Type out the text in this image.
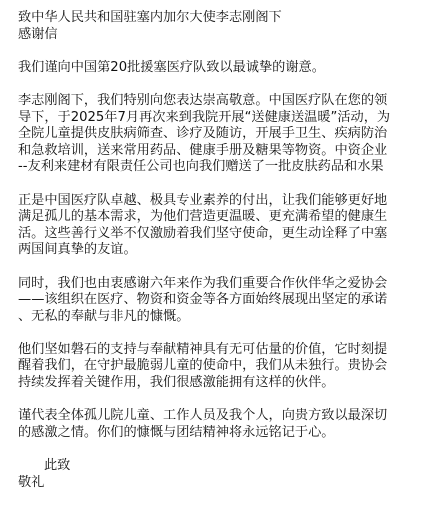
致中华人民共和国驻塞内加尔大使李志刚阁下
感谢信
我们谨向中国第20批援塞医疗队致以最诚挚的谢意。
李志刚阁下，我们特别向您表达崇高敬意。中国医疗队在您的领
导下，于2025年7月再次来到我院开展“送健康送温暖”活动，为
全院儿童提供皮肤病筛查、诊疗及随访，开展手卫生、疾病防治
和急救培训，送来常用药品、健康手册及糖果等物资。中资企业
--友利来建材有限责任公司也向我们赠送了一批皮肤药品和水果
正是中国医疗队卓越、极具专业素养的付出，让我们能够更好地
满足孤儿的基本需求，为他们营造更温暖、更充满希望的健康生
活。这些善行义举不仅激励着我们坚守使命，更生动诠释了中塞
两国间真挚的友谊。
同时，我们也由衷感谢六年来作为我们重要合作伙伴华之爱协会
——该组织在医疗、物资和资金等各方面始终展现出坚定的承诺
、无私的奉献与非凡的慷慨。
他们坚如磐石的支持与奉献精神具有无可估量的价值，它时刻提
醒着我们，在守护最脆弱儿童的使命中，我们从未独行。贵协会
持续发挥着关键作用，我们很感激能拥有这样的伙伴。
谨代表全体孤儿院儿童、工作人员及我个人，向贵方致以最深切
的感激之情。你们的慷慨与团结精神将永远铭记于心。
此致
敬礼
